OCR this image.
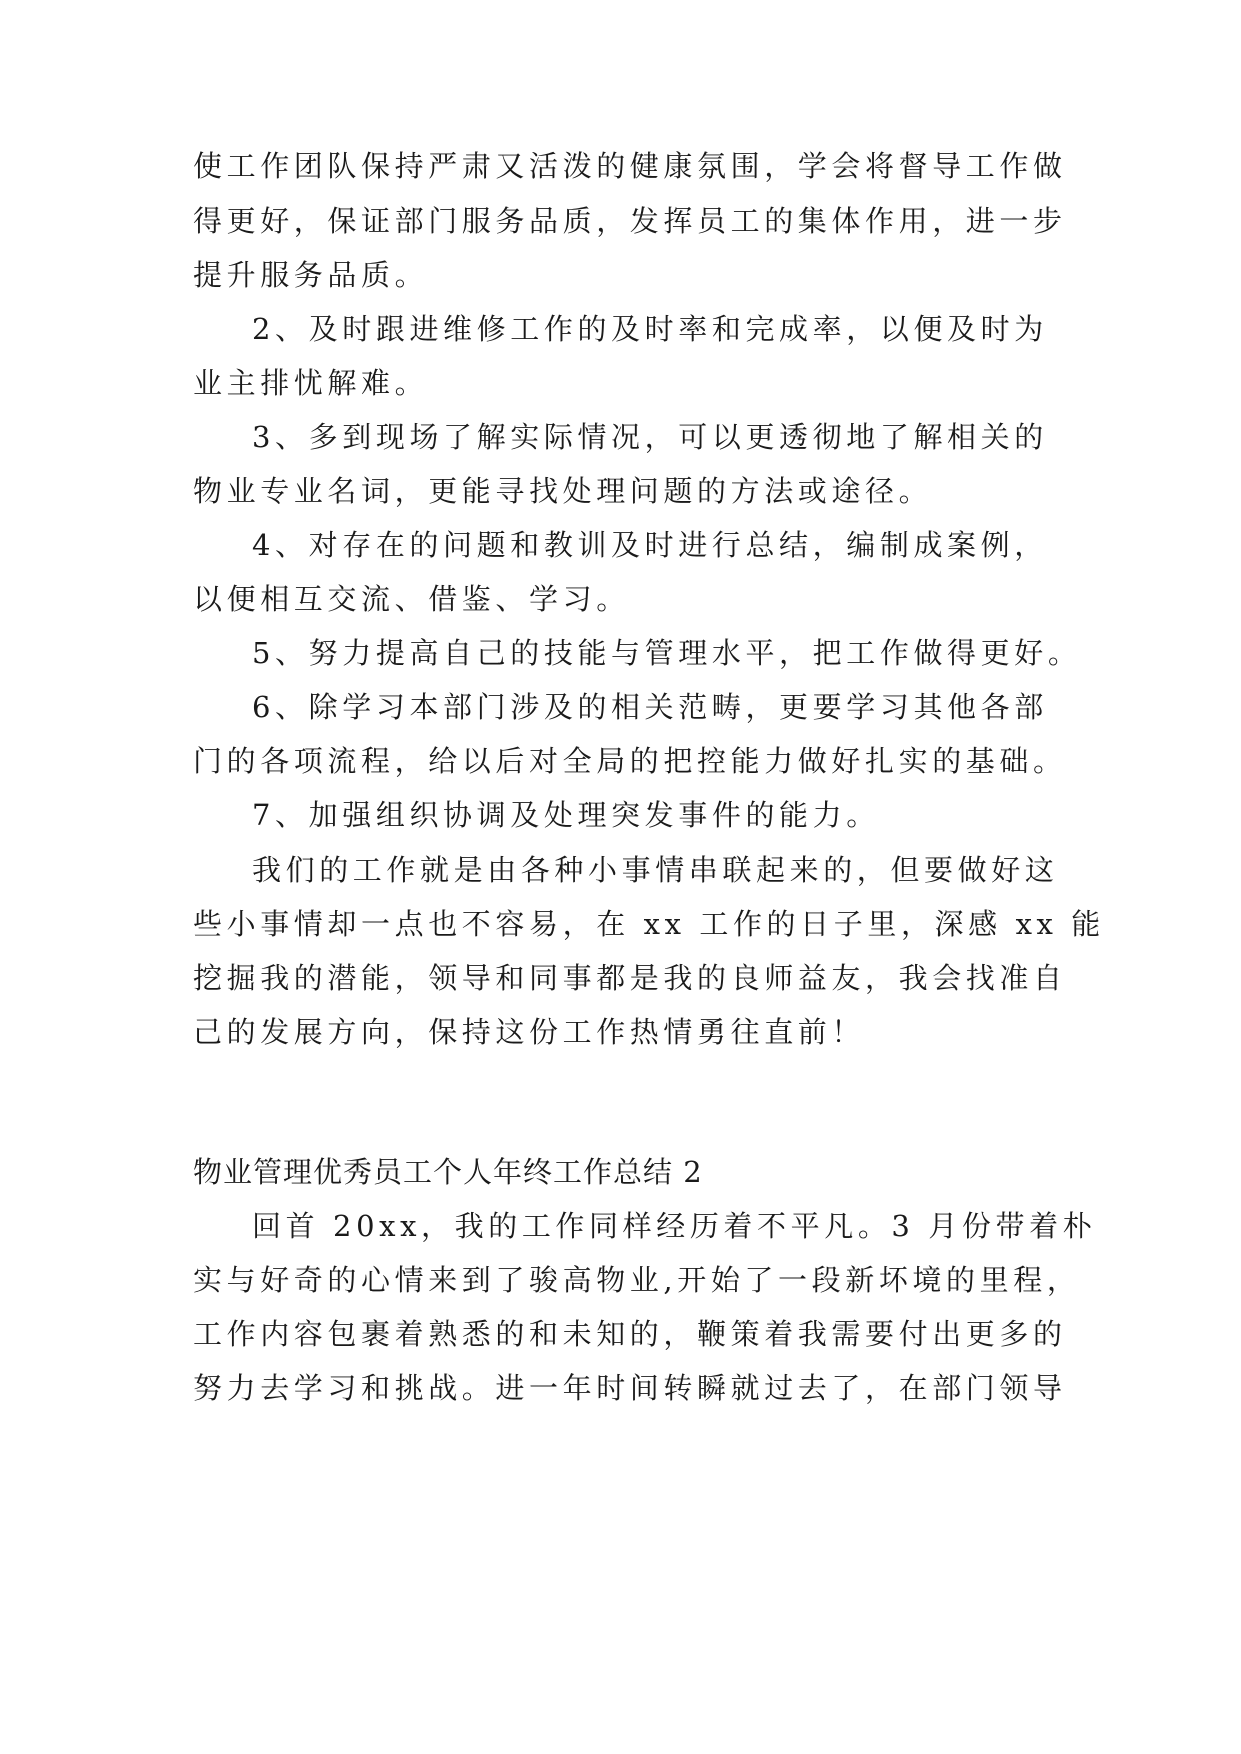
使工作团队保持严肃又活泼的健康氛围，学会将督导工作做
得更好，保证部门服务品质，发挥员工的集体作用，进一步
提升服务品质。
2、及时跟进维修工作的及时率和完成率，以便及时为
业主排忧解难。
3、多到现场了解实际情况，可以更透彻地了解相关的
物业专业名词，更能寻找处理问题的方法或途径。
4、对存在的问题和教训及时进行总结，编制成案例，
以便相互交流、借鉴、学习。
5、努力提高自己的技能与管理水平，把工作做得更好。
6、除学习本部门涉及的相关范畴，更要学习其他各部
门的各项流程，给以后对全局的把控能力做好扎实的基础。
7、加强组织协调及处理突发事件的能力。
我们的工作就是由各种小事情串联起来的，但要做好这
些小事情却一点也不容易，在 xx 工作的日子里，深感 xx 能
挖掘我的潜能，领导和同事都是我的良师益友，我会找准自
己的发展方向，保持这份工作热情勇往直前！
物业管理优秀员工个人年终工作总结 2
回首 20xx，我的工作同样经历着不平凡。3 月份带着朴
实与好奇的心情来到了骏高物业,开始了一段新坏境的里程，
工作内容包裹着熟悉的和未知的，鞭策着我需要付出更多的
努力去学习和挑战。进一年时间转瞬就过去了，在部门领导
